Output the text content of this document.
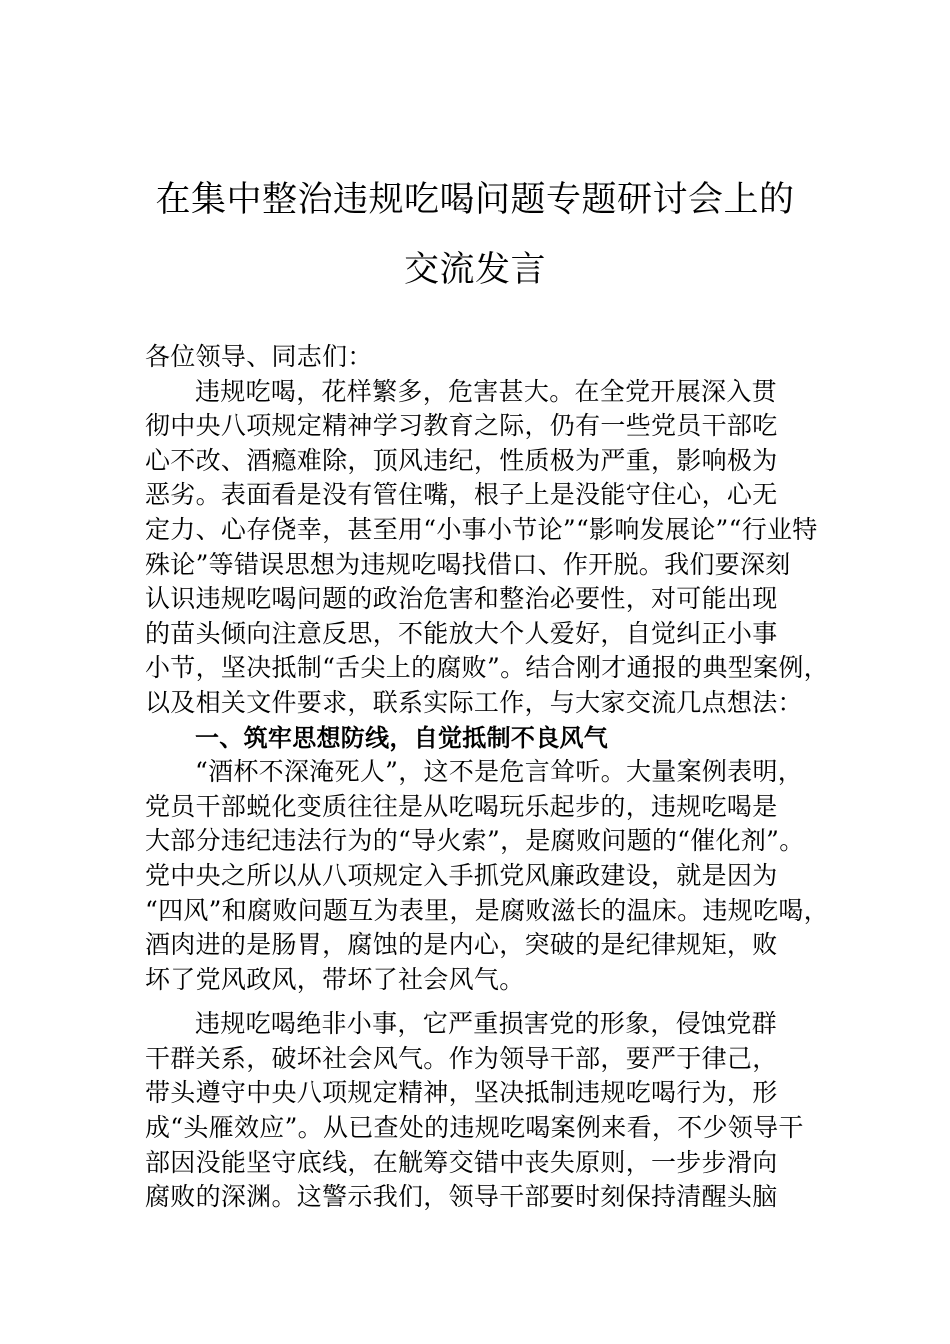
在集中整治违规吃喝问题专题研讨会上的
交流发言
各位领导、同志们：
违规吃喝，花样繁多，危害甚大。在全党开展深入贯
彻中央八项规定精神学习教育之际，仍有一些党员干部吃
心不改、酒瘾难除，顶风违纪，性质极为严重，影响极为
恶劣。表面看是没有管住嘴，根子上是没能守住心，心无
定力、心存侥幸，甚至用“小事小节论”“影响发展论”“行业特
殊论”等错误思想为违规吃喝找借口、作开脱。我们要深刻
认识违规吃喝问题的政治危害和整治必要性，对可能出现
的苗头倾向注意反思，不能放大个人爱好，自觉纠正小事
小节，坚决抵制“舌尖上的腐败”。结合刚才通报的典型案例，
以及相关文件要求，联系实际工作，与大家交流几点想法：
一、筑牢思想防线，自觉抵制不良风气
“酒杯不深淹死人”，这不是危言耸听。大量案例表明，
党员干部蜕化变质往往是从吃喝玩乐起步的，违规吃喝是
大部分违纪违法行为的“导火索”，是腐败问题的“催化剂”。
党中央之所以从八项规定入手抓党风廉政建设，就是因为
“四风”和腐败问题互为表里，是腐败滋长的温床。违规吃喝，
酒肉进的是肠胃，腐蚀的是内心，突破的是纪律规矩，败
坏了党风政风，带坏了社会风气。
违规吃喝绝非小事，它严重损害党的形象，侵蚀党群
干群关系，破坏社会风气。作为领导干部，要严于律己，
带头遵守中央八项规定精神，坚决抵制违规吃喝行为，形
成“头雁效应”。从已查处的违规吃喝案例来看，不少领导干
部因没能坚守底线，在觥筹交错中丧失原则，一步步滑向
腐败的深渊。这警示我们，领导干部要时刻保持清醒头脑
